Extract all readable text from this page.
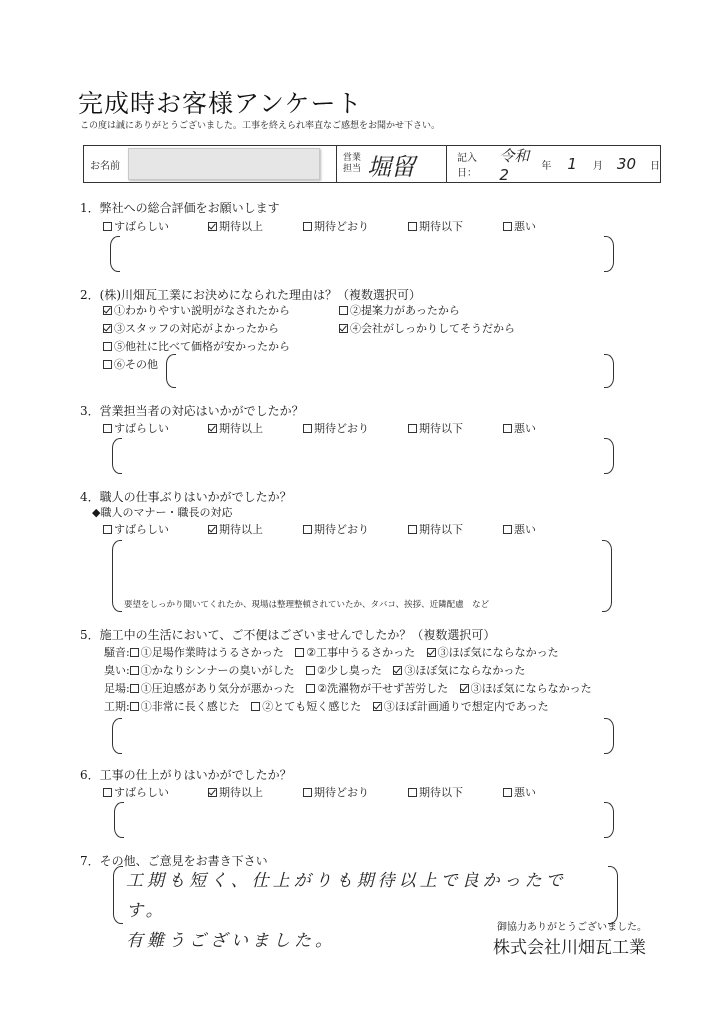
完成時お客様アンケート
この度は誠にありがとうございました。工事を終えられ率直なご感想をお聞かせ下さい。
お名前
営業
担当 堀留	記入日：
令和2	年 1 月 30 日
1．弊社への総合評価をお願いします
すばらしい	期待以上	期待どおり	期待以下	悪い
2．(株)川畑瓦工業にお決めになられた理由は？（複数選択可）
①わかりやすい説明がなされたから	②提案力があったから
③スタッフの対応がよかったから	④会社がしっかりしてそうだから
⑤他社に比べて価格が安かったから
⑥その他
3．営業担当者の対応はいかがでしたか？
すばらしい	期待以上	期待どおり	期待以下	悪い
4．職人の仕事ぶりはいかがでしたか？
◆職人のマナー・職長の対応
すばらしい	期待以上	期待どおり	期待以下	悪い
要望をしっかり聞いてくれたか、現場は整理整頓されていたか、タバコ、挨拶、近隣配慮　など
5．施工中の生活において、ご不便はございませんでしたか？（複数選択可）
騒音: ①足場作業時はうるさかった ②工事中うるさかった ③ほぼ気にならなかった
臭い: ①かなりシンナーの臭いがした ②少し臭った ③ほぼ気にならなかった
足場: ①圧迫感があり気分が悪かった ②洗濯物が干せず苦労した ③ほぼ気にならなかった
工期: ①非常に長く感じた ②とても短く感じた ③ほぼ計画通りで想定内であった
6．工事の仕上がりはいかがでしたか？
すばらしい	期待以上	期待どおり	期待以下	悪い
7．その他、ご意見をお書き下さい
工期も短く、仕上がりも期待以上で良かったです。
有難うございました。
御協力ありがとうございました。
株式会社川畑瓦工業
